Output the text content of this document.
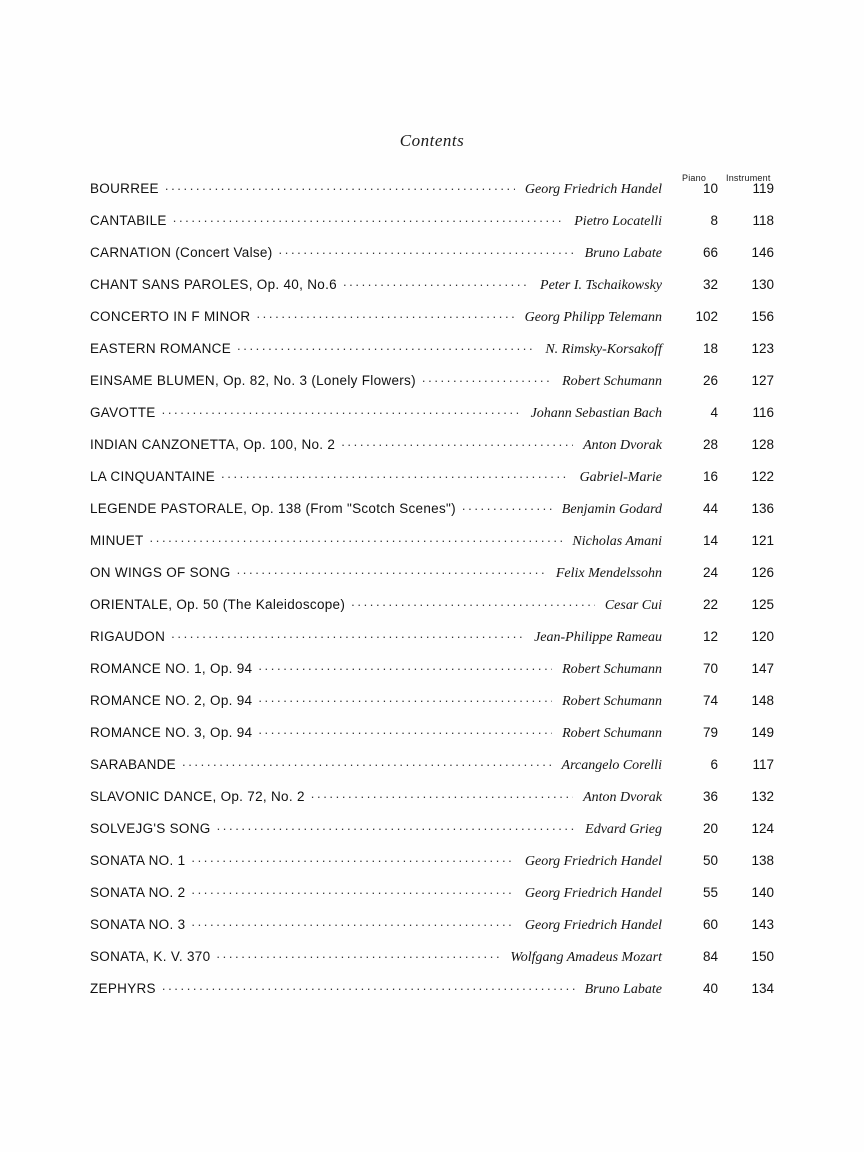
Contents
Piano Instrument
BOURREE .....	Georg Friedrich Handel	10	119
CANTABILE .....	Pietro Locatelli	8	118
CARNATION (Concert Valse) .....	Bruno Labate	66	146
CHANT SANS PAROLES, Op. 40, No.6 .....	Peter I. Tschaikowsky	32	130
CONCERTO IN F MINOR .....	Georg Philipp Telemann	102	156
EASTERN ROMANCE .....	N. Rimsky-Korsakoff	18	123
EINSAME BLUMEN, Op. 82, No. 3 (Lonely Flowers) .....	Robert Schumann	26	127
GAVOTTE .....	Johann Sebastian Bach	4	116
INDIAN CANZONETTA, Op. 100, No. 2 .....	Anton Dvorak	28	128
LA CINQUANTAINE .....	Gabriel-Marie	16	122
LEGENDE PASTORALE, Op. 138 (From "Scotch Scenes") .....	Benjamin Godard	44	136
MINUET .....	Nicholas Amani	14	121
ON WINGS OF SONG .....	Felix Mendelssohn	24	126
ORIENTALE, Op. 50 (The Kaleidoscope) .....	Cesar Cui	22	125
RIGAUDON .....	Jean-Philippe Rameau	12	120
ROMANCE NO. 1, Op. 94 .....	Robert Schumann	70	147
ROMANCE NO. 2, Op. 94 .....	Robert Schumann	74	148
ROMANCE NO. 3, Op. 94 .....	Robert Schumann	79	149
SARABANDE .....	Arcangelo Corelli	6	117
SLAVONIC DANCE, Op. 72, No. 2 .....	Anton Dvorak	36	132
SOLVEJG'S SONG .....	Edvard Grieg	20	124
SONATA NO. 1 .....	Georg Friedrich Handel	50	138
SONATA NO. 2 .....	Georg Friedrich Handel	55	140
SONATA NO. 3 .....	Georg Friedrich Handel	60	143
SONATA, K. V. 370 .....	Wolfgang Amadeus Mozart	84	150
ZEPHYRS .....	Bruno Labate	40	134
